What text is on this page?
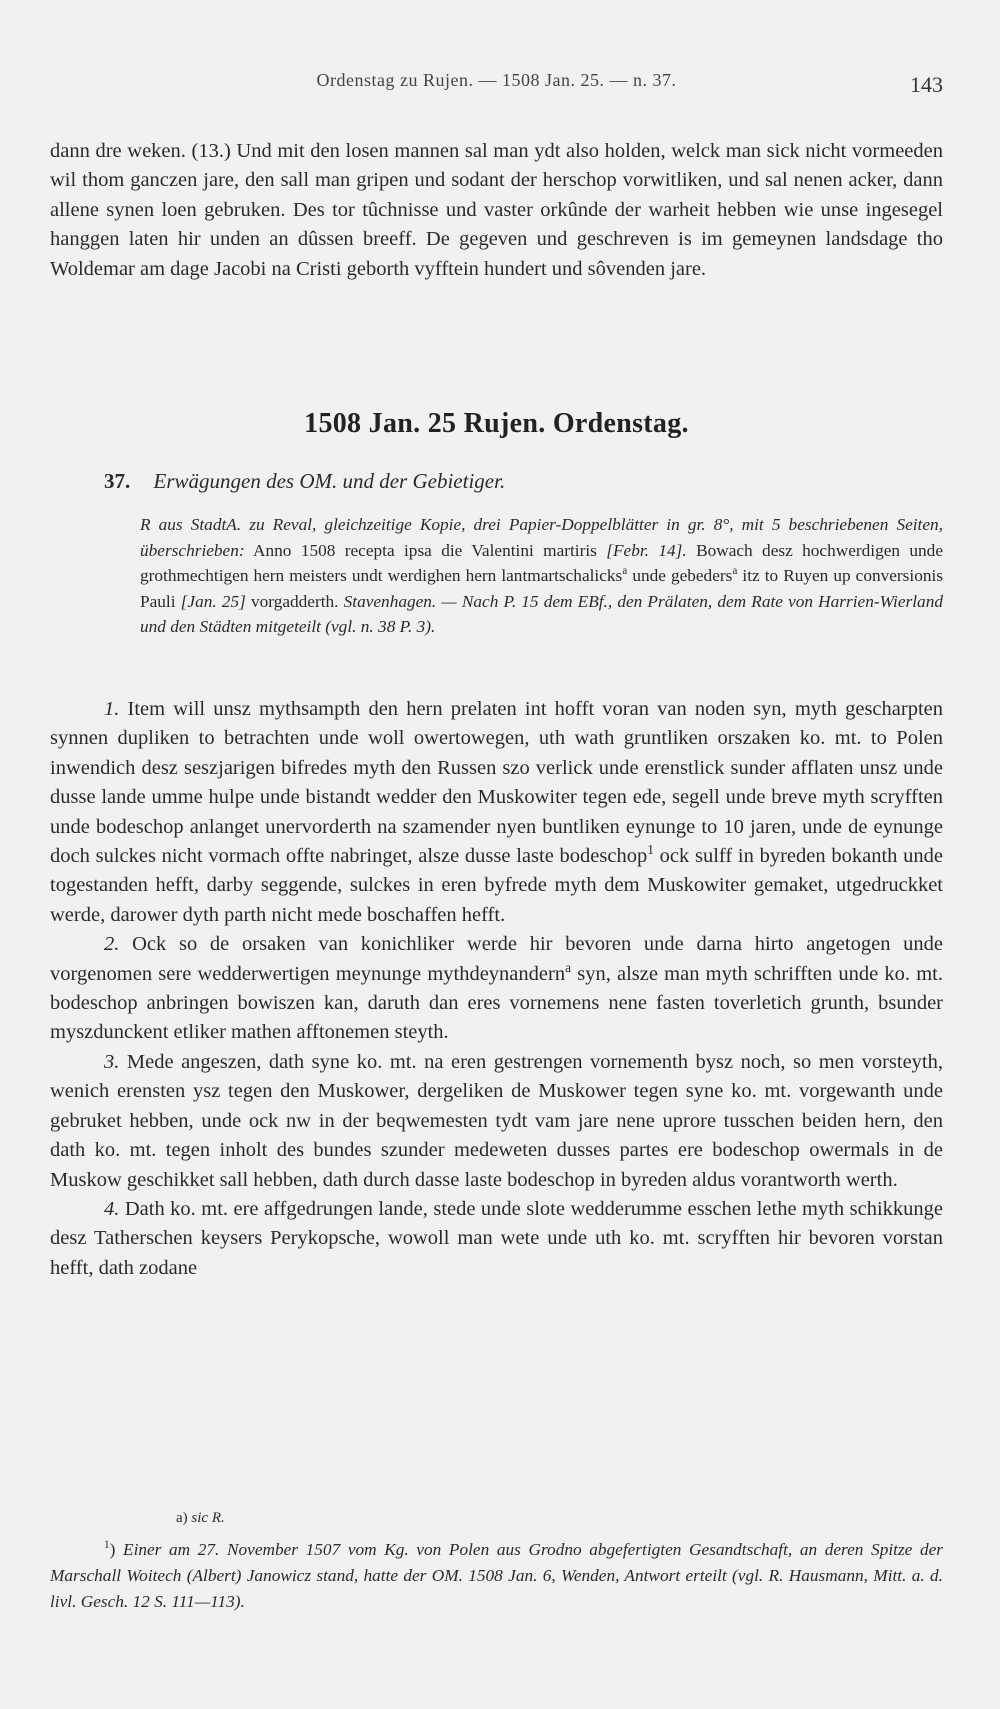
Ordenstag zu Rujen. — 1508 Jan. 25. — n. 37.	143

dann dre weken. (13.) Und mit den losen mannen sal man ydt also holden, welck man sick nicht vormeeden wil thom ganczen jare, den sall man gripen und sodant der herschop vorwitliken, und sal nenen acker, dann allene synen loen gebruken. Des tor tûchnisse und vaster orkûnde der warheit hebben wie unse ingesegel hanggen laten hir unden an dûssen breeff. De gegeven und geschreven is im gemeynen landsdage tho Woldemar am dage Jacobi na Cristi geborth vyfftein hundert und sôvenden jare.

1508 Jan. 25 Rujen. Ordenstag.
37. Erwägungen des OM. und der Gebietiger.
R aus StadtA. zu Reval, gleichzeitige Kopie, drei Papier-Doppelblätter in gr. 8°, mit 5 beschriebenen Seiten, überschrieben: Anno 1508 recepta ipsa die Valentini martiris [Febr. 14]. Bowach desz hochwerdigen unde grothmechtigen hern meisters undt werdighen hern lantmartschalicks$^a$ unde gebeders$^a$ itz to Ruyen up conversionis Pauli [Jan. 25] vorgadderth. Stavenhagen. — Nach P. 15 dem EBf., den Prälaten, dem Rate von Harrien-Wierland und den Städten mitgeteilt (vgl. n. 38 P. 3).

1. Item will unsz mythsampth den hern prelaten int hofft voran van noden syn, myth gescharpten synnen dupliken to betrachten unde woll owertowegen, uth wath gruntliken orszaken ko. mt. to Polen inwendich desz seszjarigen bifredes myth den Russen szo verlick unde erenstlick sunder afflaten unsz unde dusse lande umme hulpe unde bistandt wedder den Muskowiter tegen ede, segell unde breve myth scryfften unde bodeschop anlanget unervorderth na szamender nyen buntliken eynunge to 10 jaren, unde de eynunge doch sulckes nicht vormach offte nabringet, alsze dusse laste bodeschop$^1$ ock sulff in byreden bokanth unde togestanden hefft, darby seggende, sulckes in eren byfrede myth dem Muskowiter gemaket, utgedruckket werde, darower dyth parth nicht mede boschaffen hefft.

2. Ock so de orsaken van konichliker werde hir bevoren unde darna hirto angetogen unde vorgenomen sere wedderwertigen meynunge mythdeynandern$^a$ syn, alsze man myth schrifften unde ko. mt. bodeschop anbringen bowiszen kan, daruth dan eres vornemens nene fasten toverletich grunth, bsunder myszdunckent etliker mathen afftonemen steyth.

3. Mede angeszen, dath syne ko. mt. na eren gestrengen vornementh bysz noch, so men vorsteyth, wenich erensten ysz tegen den Muskower, dergeliken de Muskower tegen syne ko. mt. vorgewanth unde gebruket hebben, unde ock nw in der beqwemesten tydt vam jare nene uprore tusschen beiden hern, den dath ko. mt. tegen inholt des bundes szunder medeweten dusses partes ere bodeschop owermals in de Muskow geschikket sall hebben, dath durch dasse laste bodeschop in byreden aldus vorantworth werth.

4. Dath ko. mt. ere affgedrungen lande, stede unde slote wedderumme esschen lethe myth schikkunge desz Tatherschen keysers Perykopsche, wowoll man wete unde uth ko. mt. scryfften hir bevoren vorstan hefft, dath zodane

a) sic R.
$^1$) Einer am 27. November 1507 vom Kg. von Polen aus Grodno abgefertigten Gesandtschaft, an deren Spitze der Marschall Woitech (Albert) Janowicz stand, hatte der OM. 1508 Jan. 6, Wenden, Antwort erteilt (vgl. R. Hausmann, Mitt. a. d. livl. Gesch. 12 S. 111—113).
